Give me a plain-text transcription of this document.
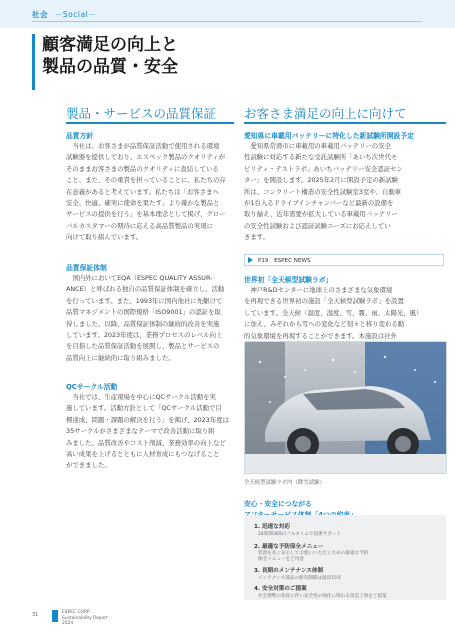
社会 －Social－
顧客満足の向上と
製品の品質・安全
製品・サービスの品質保証
品質方針
　当社は、お客さまが品質保証活動で使用される環境
試験器を提供しており、エスペック製品のクオリティが
そのままお客さまの製品のクオリティに直結している
こと、また、その重責を担っていることに、私たちの存
在意義があると考えています。私たちは「お客さまへ
安全、快適、確実に使命を果たす」より確かな製品と
サービスの提供を行う」を基本理念として掲げ、グロー
バルカスタマーの期待に応える高品質製品の実現に
向けて取り組んでいます。
品質保証体制
　国内外においてEQA（ESPEC QUALITY ASSUR-
ANCE）と呼ばれる独自の品質保証体制を確立し、活動
を行っています。また、1993年に国内他社に先駆けて
品質マネジメントの国際規格「ISO9001」の認証を取
得しました。以降、品質保証体制の継続的改善を実施
しています。2023年度は、業務プロセスのレベル向上
を目指した品質保証活動を展開し、製品とサービスの
品質向上に継続的に取り組みました。
QCサークル活動
　当社では、生産現場を中心にQCサークル活動を実
施しています。活動方針として「QCサークル活動で目
標達成、問題・課題の解決を行う」を掲げ、2023年度は
35サークルがさまざまなテーマで改善活動に取り組
みました。品質改善やコスト削減、業務効率の向上など
高い成果を上げるとともに人材育成にもつなげること
ができました。
お客さま満足の向上に向けて
愛知県に車載用バッテリーに特化した新試験所開設予定
　愛知県常滑市に車載用の車載用バッテリーの安全
性試験に対応する新たな受託試験所「あいち次世代モ
ビリティ・テストラボ」あいちバッテリー安全認証セン
ター」を開設します。2025年2月に開設予定の新試験
所は、コンクリート構造の安全性試験室3室や、自動車
が1台入るドライブインチャンバーなど最新の設備を
取り揃え、近年需要が拡大している車載用バッテリー
の安全性試験および認証試験ニーズにお応えしてい
きます。
P19　ESPEC NEWS
世界初「全天候型試験ラボ」
　神戸R&Dセンターに地球上のさまざまな気象環境
を再現できる世界初の施設「全天候型試験ラボ」を設置
しています。全天候（温度、湿度、雪、霧、雨、太陽光、風）
に加え、みぞれから雪への変化など刻々と移り変わる動
的気象環境を再現することができます。本施設は社外
全天候型試験ラボ内（降雪試験）
安心・安全につながる
1. 迅速な対応
24時間365日フルタイムで技術サポート
2. 最適な予防保全メニュー
装置を長く安心してお使いいただくための最適な予防保全メニューをご用意
3. 長期のメンテナンス体制
メンテナンス部品の保有期間は最長15年
4. 安全対策のご提案
社会情勢の変化に伴い安全性の強化に関わる改造工事をご提案
31	ESPEC CORP.
Sustainability Report
2024
